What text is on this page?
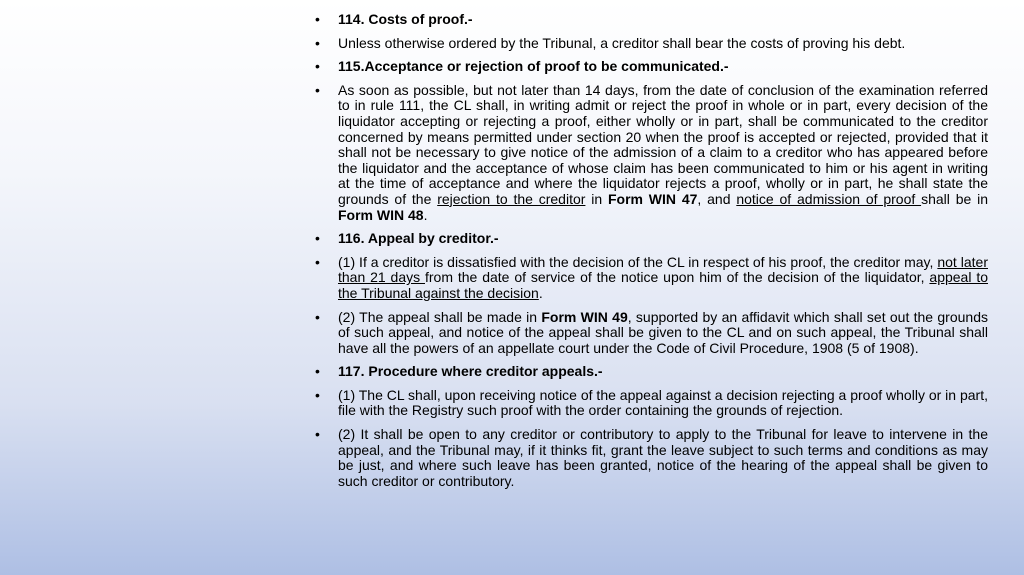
• 114. Costs of proof.-
• Unless otherwise ordered by the Tribunal, a creditor shall bear the costs of proving his debt.
• 115.Acceptance or rejection of proof to be communicated.-
• As soon as possible, but not later than 14 days, from the date of conclusion of the examination referred to in rule 111, the CL shall, in writing admit or reject the proof in whole or in part, every decision of the liquidator accepting or rejecting a proof, either wholly or in part, shall be communicated to the creditor concerned by means permitted under section 20 when the proof is accepted or rejected, provided that it shall not be necessary to give notice of the admission of a claim to a creditor who has appeared before the liquidator and the acceptance of whose claim has been communicated to him or his agent in writing at the time of acceptance and where the liquidator rejects a proof, wholly or in part, he shall state the grounds of the rejection to the creditor in Form WIN 47, and notice of admission of proof shall be in Form WIN 48.
• 116. Appeal by creditor.-
• (1) If a creditor is dissatisfied with the decision of the CL in respect of his proof, the creditor may, not later than 21 days from the date of service of the notice upon him of the decision of the liquidator, appeal to the Tribunal against the decision.
• (2) The appeal shall be made in Form WIN 49, supported by an affidavit which shall set out the grounds of such appeal, and notice of the appeal shall be given to the CL and on such appeal, the Tribunal shall have all the powers of an appellate court under the Code of Civil Procedure, 1908 (5 of 1908).
• 117. Procedure where creditor appeals.-
• (1) The CL shall, upon receiving notice of the appeal against a decision rejecting a proof wholly or in part, file with the Registry such proof with the order containing the grounds of rejection.
• (2) It shall be open to any creditor or contributory to apply to the Tribunal for leave to intervene in the appeal, and the Tribunal may, if it thinks fit, grant the leave subject to such terms and conditions as may be just, and where such leave has been granted, notice of the hearing of the appeal shall be given to such creditor or contributory.
